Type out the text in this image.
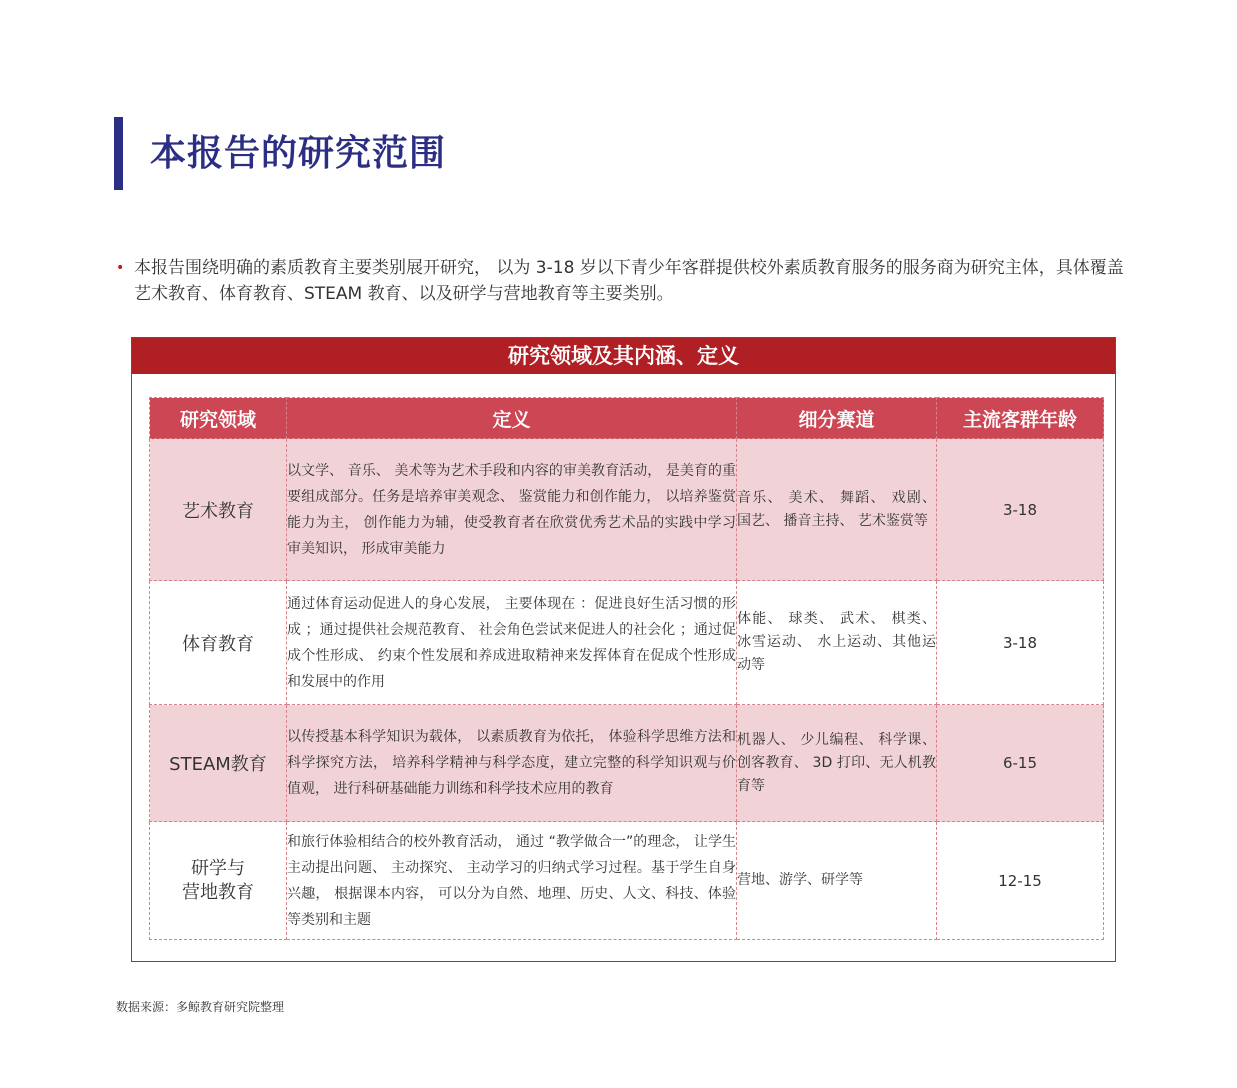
本报告的研究范围
• 本报告围绕明确的素质教育主要类别展开研究， 以为 3-18 岁以下青少年客群提供校外素质教育服务的服务商为研究主体，具体覆盖艺术教育、体育教育、STEAM 教育、以及研学与营地教育等主要类别。
研究领域及其内涵、定义
研究领域	定义	细分赛道	主流客群年龄
艺术教育	以文学、 音乐、 美术等为艺术手段和内容的审美教育活动， 是美育的重要组成部分。任务是培养审美观念、 鉴赏能力和创作能力， 以培养鉴赏能力为主， 创作能力为辅，使受教育者在欣赏优秀艺术品的实践中学习审美知识， 形成审美能力	音乐、 美术、 舞蹈、 戏剧、 国艺、 播音主持、 艺术鉴赏等	3-18
体育教育	通过体育运动促进人的身心发展， 主要体现在 ：促进良好生活习惯的形成 ；通过提供社会规范教育、 社会角色尝试来促进人的社会化 ；通过促成个性形成、 约束个性发展和养成进取精神来发挥体育在促成个性形成和发展中的作用	体能、 球类、 武术、 棋类、 冰雪运动、 水上运动、其他运动等	3-18
STEAM教育	以传授基本科学知识为载体， 以素质教育为依托， 体验科学思维方法和科学探究方法， 培养科学精神与科学态度，建立完整的科学知识观与价值观， 进行科研基础能力训练和科学技术应用的教育	机器人、 少儿编程、 科学课、 创客教育、 3D 打印、无人机教育等	6-15
研学与
营地教育	和旅行体验相结合的校外教育活动， 通过 “教学做合一”的理念， 让学生主动提出问题、 主动探究、 主动学习的归纳式学习过程。基于学生自身兴趣， 根据课本内容， 可以分为自然、地理、历史、人文、科技、体验等类别和主题	营地、游学、研学等	12-15
数据来源：多鲸教育研究院整理
